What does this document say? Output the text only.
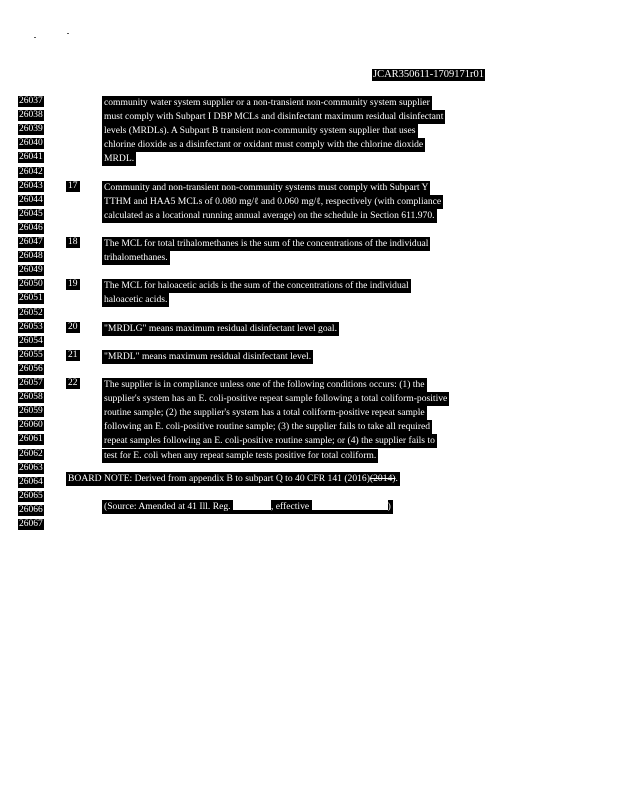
JCAR350611-1709171r01
26037	community water system supplier or a non-transient non-community system supplier
26038	must comply with Subpart I DBP MCLs and disinfectant maximum residual disinfectant
26039	levels (MRDLs). A Subpart B transient non-community system supplier that uses
26040	chlorine dioxide as a disinfectant or oxidant must comply with the chlorine dioxide
26041	MRDL.
26042
26043	17	Community and non-transient non-community systems must comply with Subpart Y
26044	TTHM and HAA5 MCLs of 0.080 mg/ℓ and 0.060 mg/ℓ, respectively (with compliance
26045	calculated as a locational running annual average) on the schedule in Section 611.970.
26046
26047	18	The MCL for total trihalomethanes is the sum of the concentrations of the individual
26048	trihalomethanes.
26049
26050	19	The MCL for haloacetic acids is the sum of the concentrations of the individual
26051	haloacetic acids.
26052
26053	20	"MRDLG" means maximum residual disinfectant level goal.
26054
26055	21	"MRDL" means maximum residual disinfectant level.
26056
26057	22	The supplier is in compliance unless one of the following conditions occurs: (1) the
26058	supplier's system has an E. coli-positive repeat sample following a total coliform-positive
26059	routine sample; (2) the supplier's system has a total coliform-positive repeat sample
26060	following an E. coli-positive routine sample; (3) the supplier fails to take all required
26061	repeat samples following an E. coli-positive routine sample; or (4) the supplier fails to
26062	test for E. coli when any repeat sample tests positive for total coliform.
26063
26064
26065
26066
26067
BOARD NOTE: Derived from appendix B to subpart Q to 40 CFR 141 (2016)(2014).
(Source: Amended at 41 Ill. Reg.	, effective	)
